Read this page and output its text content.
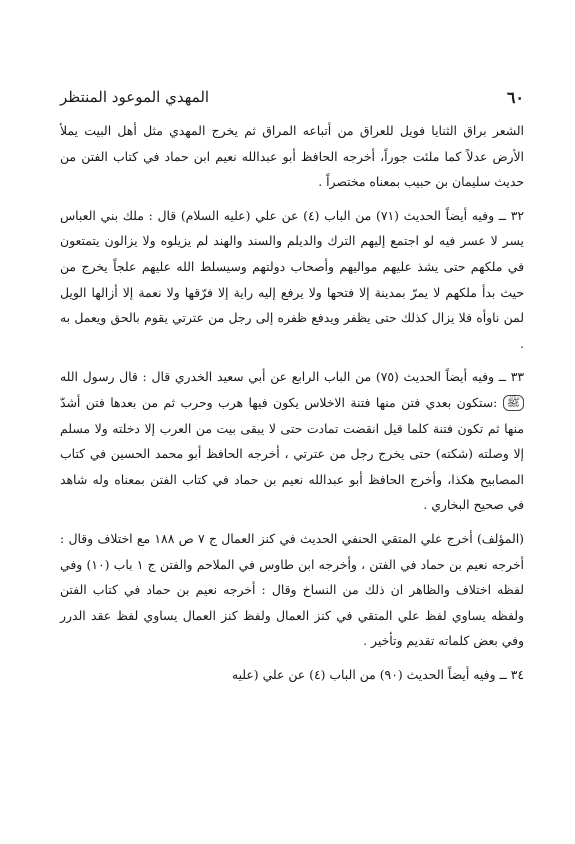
٦٠
المهدي الموعود المنتظر

الشعر براق الثنايا فويل للعراق من أتباعه المراق ثم يخرج المهدي مثل أهل البيت يملأ الأرض عدلاً كما ملئت جوراً، أخرجه الحافظ أبو عبدالله نعيم ابن حماد في كتاب الفتن من حديث سليمان بن حبيب بمعناه مختصراً .

٣٢ ــ وفيه أيضاً الحديث (٧١) من الباب (٤) عن علي (عليه السلام) قال : ملك بني العباس يسر لا عسر فيه لو اجتمع إليهم الترك والديلم والسند والهند لم يزيلوه ولا يزالون يتمتعون في ملكهم حتى يشذ عليهم مواليهم وأصحاب دولتهم وسيسلط الله عليهم علجاً يخرج من حيث بدأ ملكهم لا يمرّ بمدينة إلا فتحها ولا يرفع إليه راية إلا فرّقها ولا نعمة إلا أزالها الويل لمن ناوأه فلا يزال كذلك حتى يظفر ويدفع ظفره إلى رجل من عترتي يقوم بالحق ويعمل به .

٣٣ ــ وفيه أيضاً الحديث (٧٥) من الباب الرابع عن أبي سعيد الخدري قال : قال رسول الله ﷺ :ستكون بعدي فتن منها فتنة الاخلاس يكون فيها هرب وحرب ثم من بعدها فتن أشدّ منها ثم تكون فتنة كلما قيل انقضت تمادت حتى لا يبقى بيت من العرب إلا دخلته ولا مسلم إلا وصلته (شكته) حتى يخرج رجل من عترتي ، أخرجه الحافظ أبو محمد الحسين في كتاب المصابيح هكذا، وأخرج الحافظ أبو عبدالله نعيم بن حماد في كتاب الفتن بمعناه وله شاهد في صحيح البخاري .

(المؤلف) أخرج علي المتقي الحنفي الحديث في كنز العمال ج ٧ ص ١٨٨ مع اختلاف وقال : أخرجه نعيم بن حماد في الفتن ، وأخرجه ابن طاوس في الملاحم والفتن ج ١ باب (١٠) وفي لفظه اختلاف والظاهر ان ذلك من النساخ وقال : أخرجه نعيم بن حماد في كتاب الفتن ولفظه يساوي لفظ علي المتقي في كنز العمال ولفظ كنز العمال يساوي لفظ عقد الدرر وفي بعض كلماته تقديم وتأخير .

٣٤ ــ وفيه أيضاً الحديث (٩٠) من الباب (٤) عن علي (عليه
